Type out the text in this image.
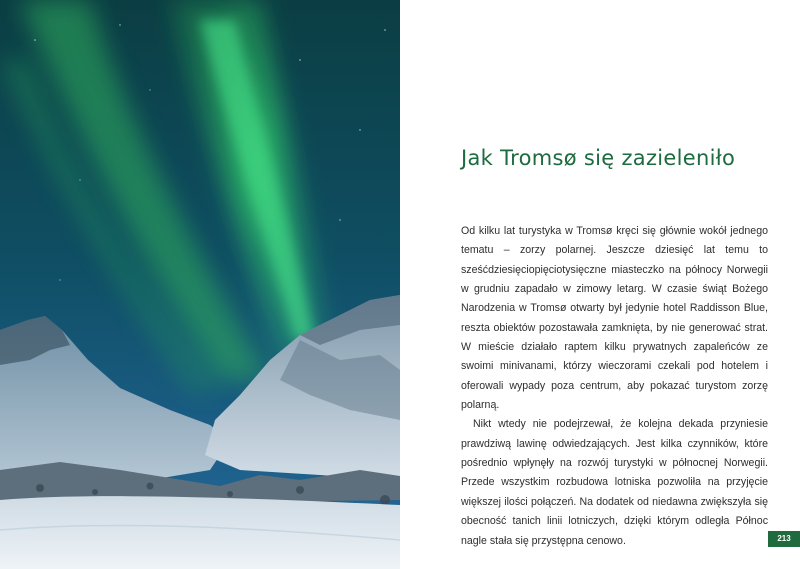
Jak Tromsø się zazieleniło

Od kilku lat turystyka w Tromsø kręci się głównie wokół jednego tematu – zorzy polarnej. Jeszcze dziesięć lat temu to sześćdziesięciopięciotysięczne miasteczko na północy Norwegii w grudniu zapadało w zimowy letarg. W czasie świąt Bożego Narodzenia w Tromsø otwarty był jedynie hotel Raddisson Blue, reszta obiektów pozostawała zamknięta, by nie generować strat. W mieście działało raptem kilku prywatnych zapaleńców ze swoimi minivanami, którzy wieczorami czekali pod hotelem i oferowali wypady poza centrum, aby pokazać turystom zorzę polarną.

Nikt wtedy nie podejrzewał, że kolejna dekada przyniesie prawdziwą lawinę odwiedzających. Jest kilka czynników, które pośrednio wpłynęły na rozwój turystyki w północnej Norwegii. Przede wszystkim rozbudowa lotniska pozwoliła na przyjęcie większej ilości połączeń. Na dodatek od niedawna zwiększyła się obecność tanich linii lotniczych, dzięki którym odległa Północ nagle stała się przystępna cenowo.	213
